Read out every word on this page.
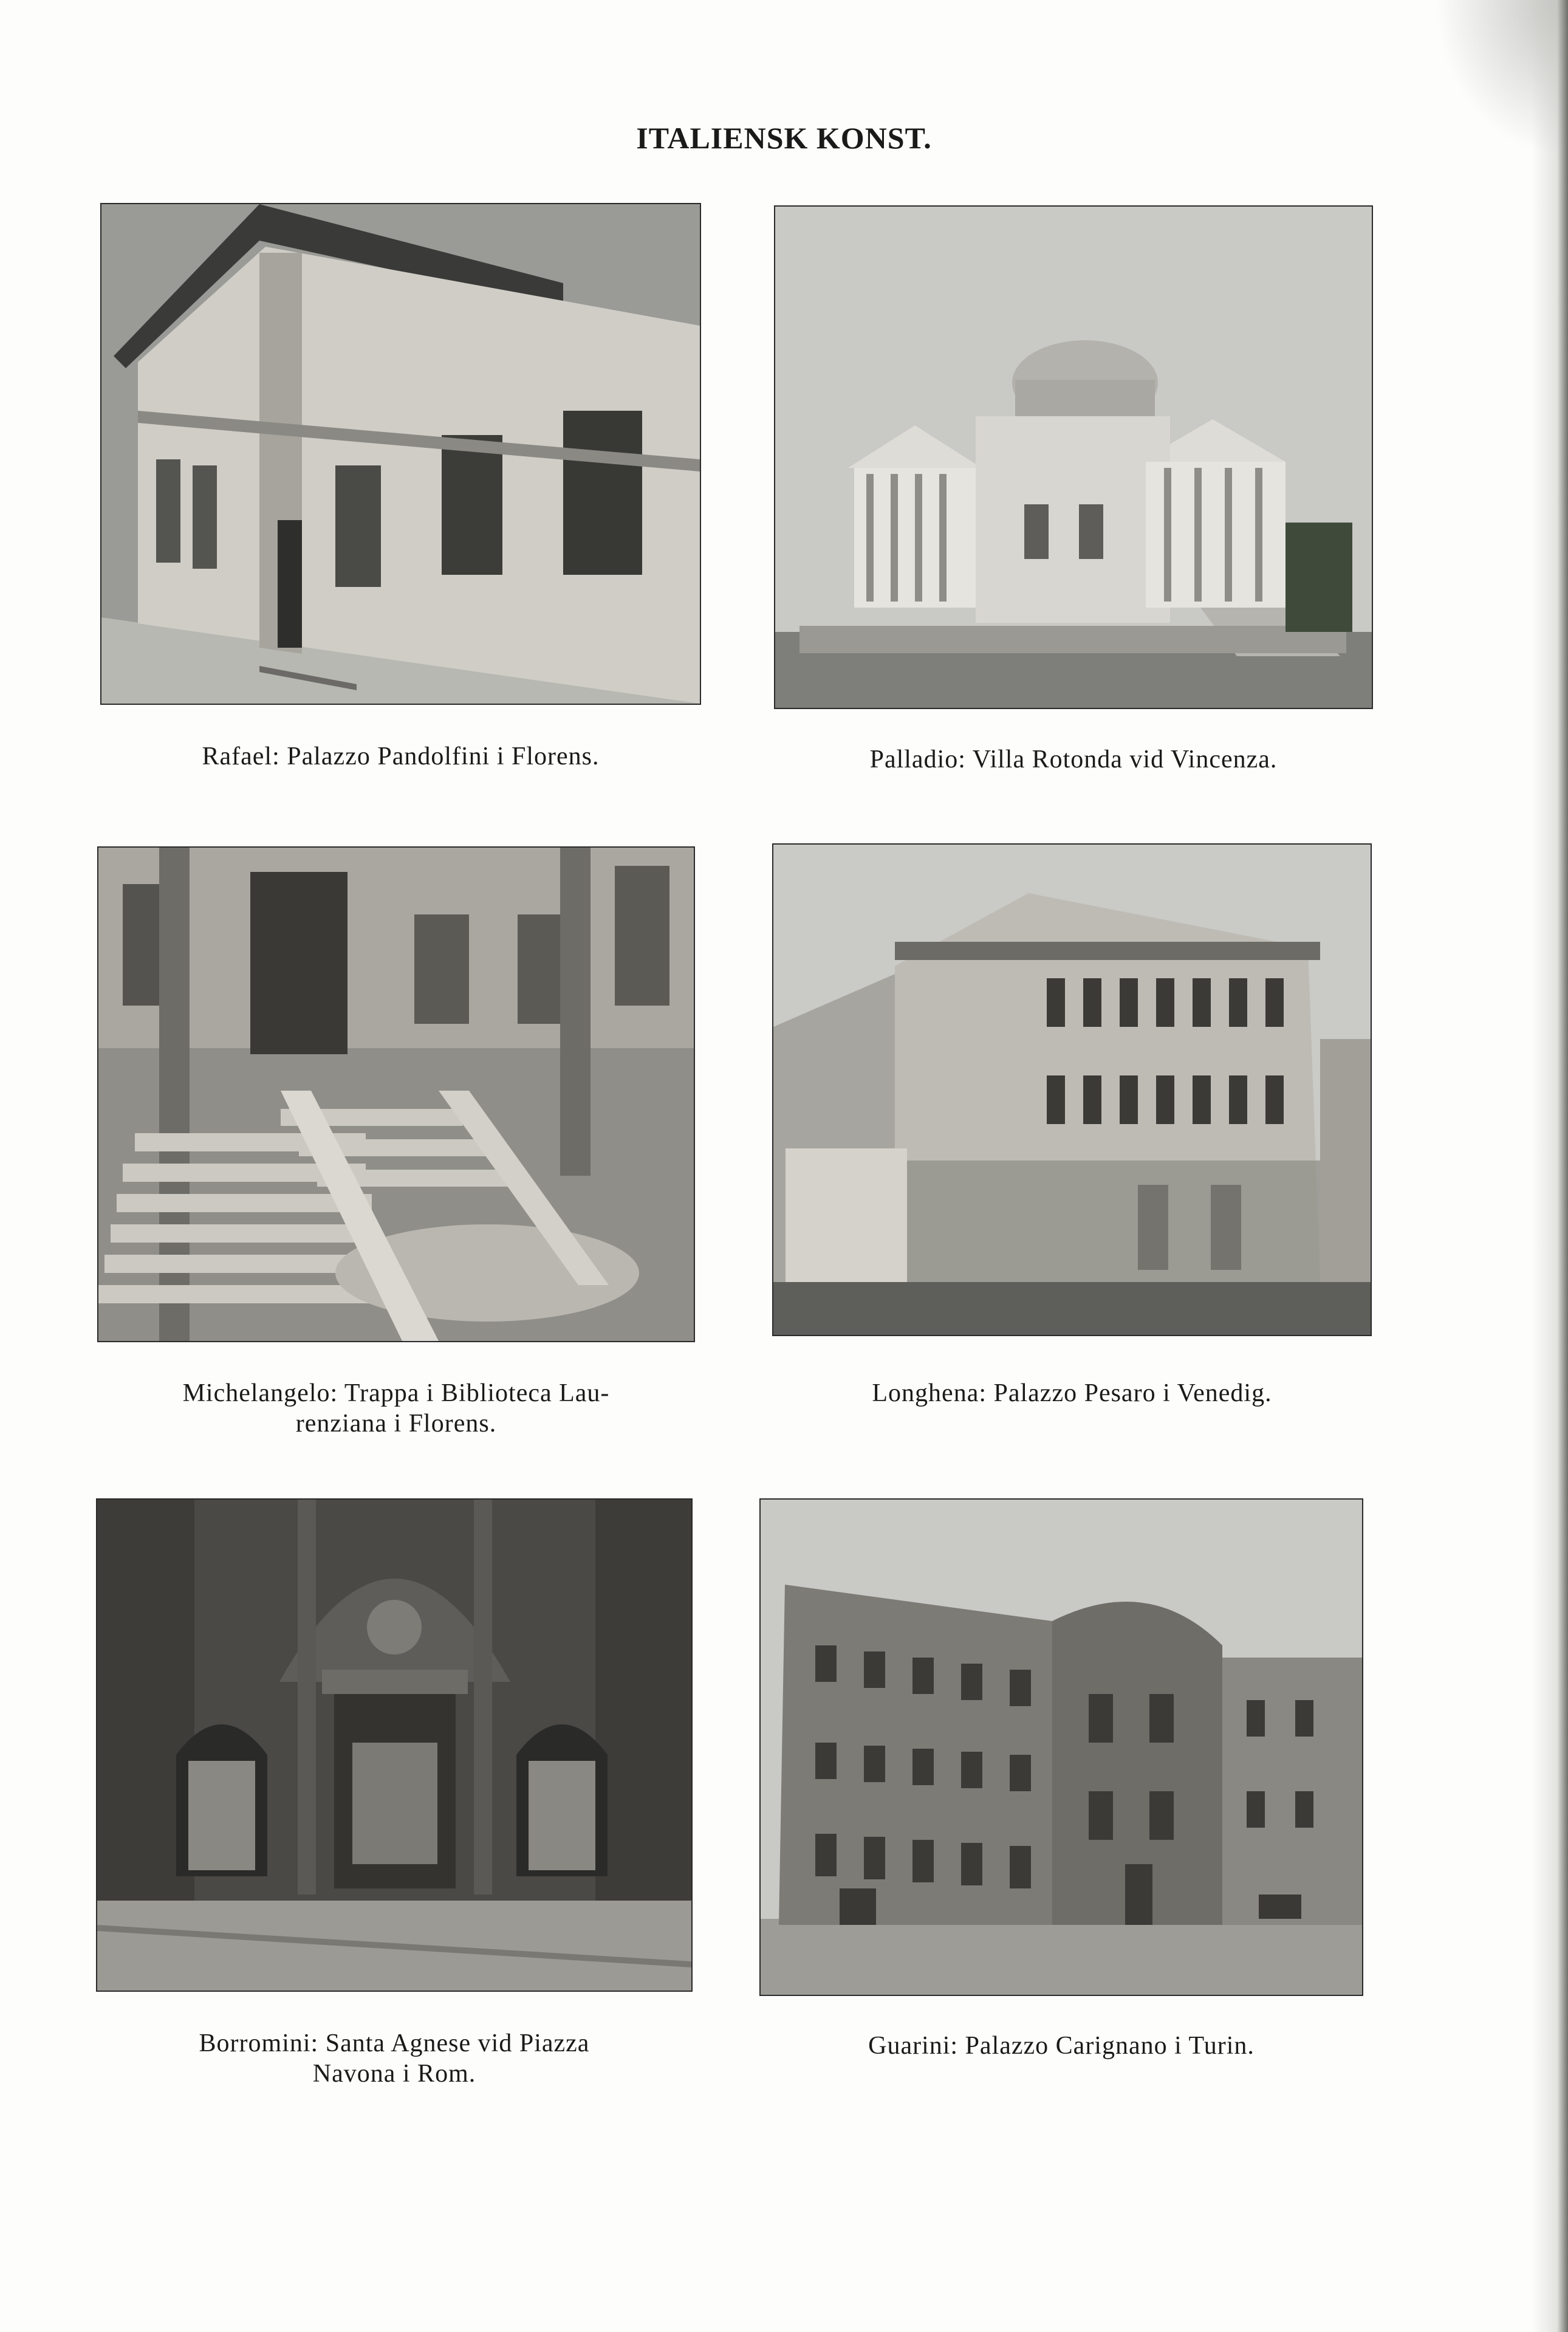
ITALIENSK KONST.
Rafael: Palazzo Pandolfini i Florens.	Palladio: Villa Rotonda vid Vincenza.
Michelangelo: Trappa i Biblioteca Lau-
renziana i Florens.
Longhena: Palazzo Pesaro i Venedig.
Borromini: Santa Agnese vid Piazza
Navona i Rom.
Guarini: Palazzo Carignano i Turin.
